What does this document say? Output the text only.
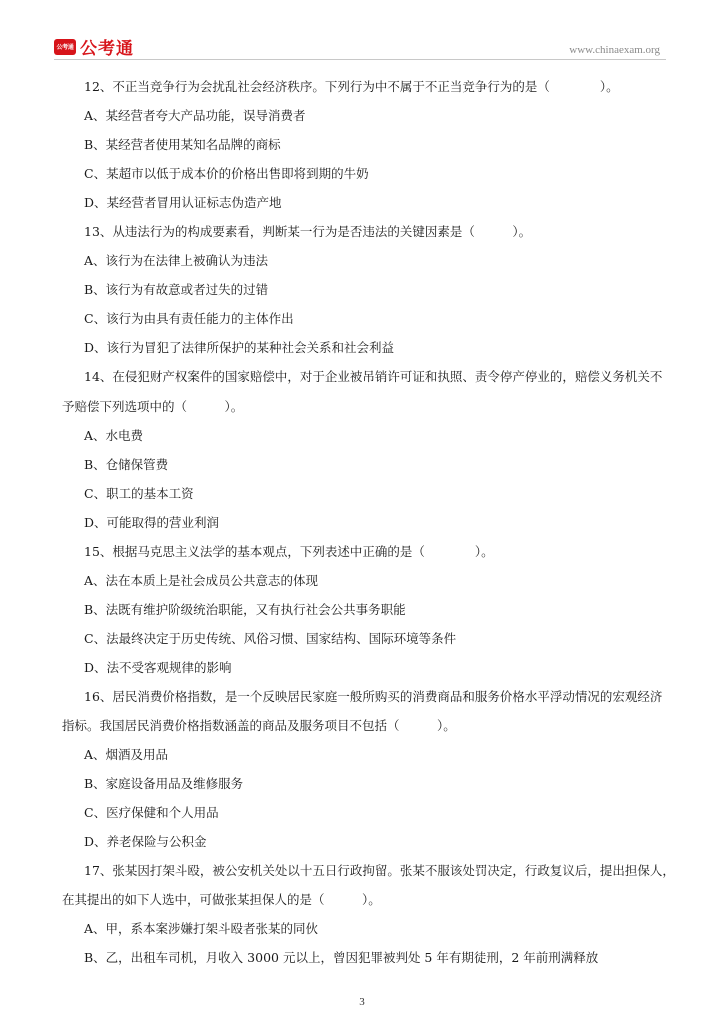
公考通 公考通	www.chinaexam.org
12、不正当竞争行为会扰乱社会经济秩序。下列行为中不属于不正当竞争行为的是（　　　　）。
A、某经营者夸大产品功能，误导消费者
B、某经营者使用某知名品牌的商标
C、某超市以低于成本价的价格出售即将到期的牛奶
D、某经营者冒用认证标志伪造产地
13、从违法行为的构成要素看，判断某一行为是否违法的关键因素是（　　　）。
A、该行为在法律上被确认为违法
B、该行为有故意或者过失的过错
C、该行为由具有责任能力的主体作出
D、该行为冒犯了法律所保护的某种社会关系和社会利益
14、在侵犯财产权案件的国家赔偿中，对于企业被吊销许可证和执照、责令停产停业的，赔偿义务机关不
予赔偿下列选项中的（　　　）。
A、水电费
B、仓储保管费
C、职工的基本工资
D、可能取得的营业利润
15、根据马克思主义法学的基本观点，下列表述中正确的是（　　　　）。
A、法在本质上是社会成员公共意志的体现
B、法既有维护阶级统治职能，又有执行社会公共事务职能
C、法最终决定于历史传统、风俗习惯、国家结构、国际环境等条件
D、法不受客观规律的影响
16、居民消费价格指数，是一个反映居民家庭一般所购买的消费商品和服务价格水平浮动情况的宏观经济
指标。我国居民消费价格指数涵盖的商品及服务项目不包括（　　　）。
A、烟酒及用品
B、家庭设备用品及维修服务
C、医疗保健和个人用品
D、养老保险与公积金
17、张某因打架斗殴，被公安机关处以十五日行政拘留。张某不服该处罚决定，行政复议后，提出担保人，
在其提出的如下人选中，可做张某担保人的是（　　　）。
A、甲，系本案涉嫌打架斗殴者张某的同伙
B、乙，出租车司机，月收入 3000 元以上，曾因犯罪被判处 5 年有期徒刑，2 年前刑满释放
3
